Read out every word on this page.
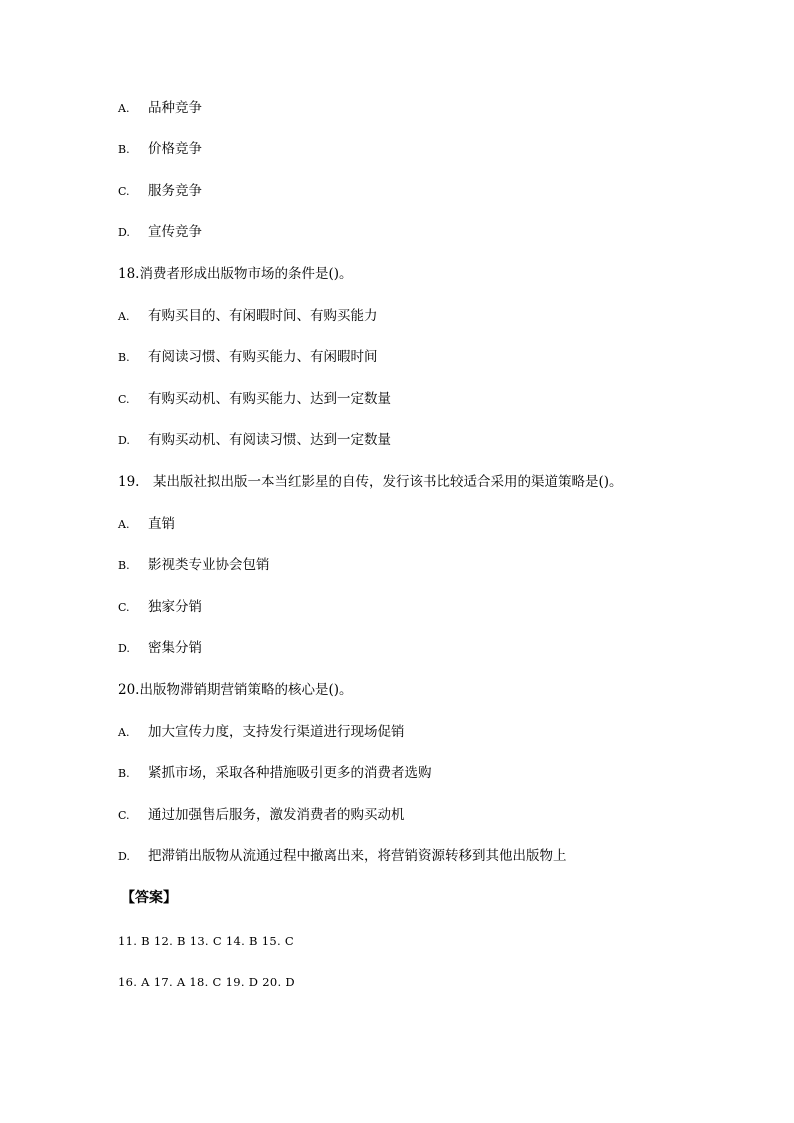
A. 品种竞争
B. 价格竞争
C. 服务竞争
D. 宣传竞争
18.消费者形成出版物市场的条件是()。
A. 有购买目的、有闲暇时间、有购买能力
B. 有阅读习惯、有购买能力、有闲暇时间
C. 有购买动机、有购买能力、达到一定数量
D. 有购买动机、有阅读习惯、达到一定数量
19.　某出版社拟出版一本当红影星的自传，发行该书比较适合采用的渠道策略是()。
A. 直销
B. 影视类专业协会包销
C. 独家分销
D. 密集分销
20.出版物滞销期营销策略的核心是()。
A. 加大宣传力度，支持发行渠道进行现场促销
B. 紧抓市场，采取各种措施吸引更多的消费者选购
C. 通过加强售后服务，激发消费者的购买动机
D. 把滞销出版物从流通过程中撤离出来，将营销资源转移到其他出版物上
【答案】
11. B 12. B 13. C 14. B 15. C
16. A 17. A 18. C 19. D 20. D
